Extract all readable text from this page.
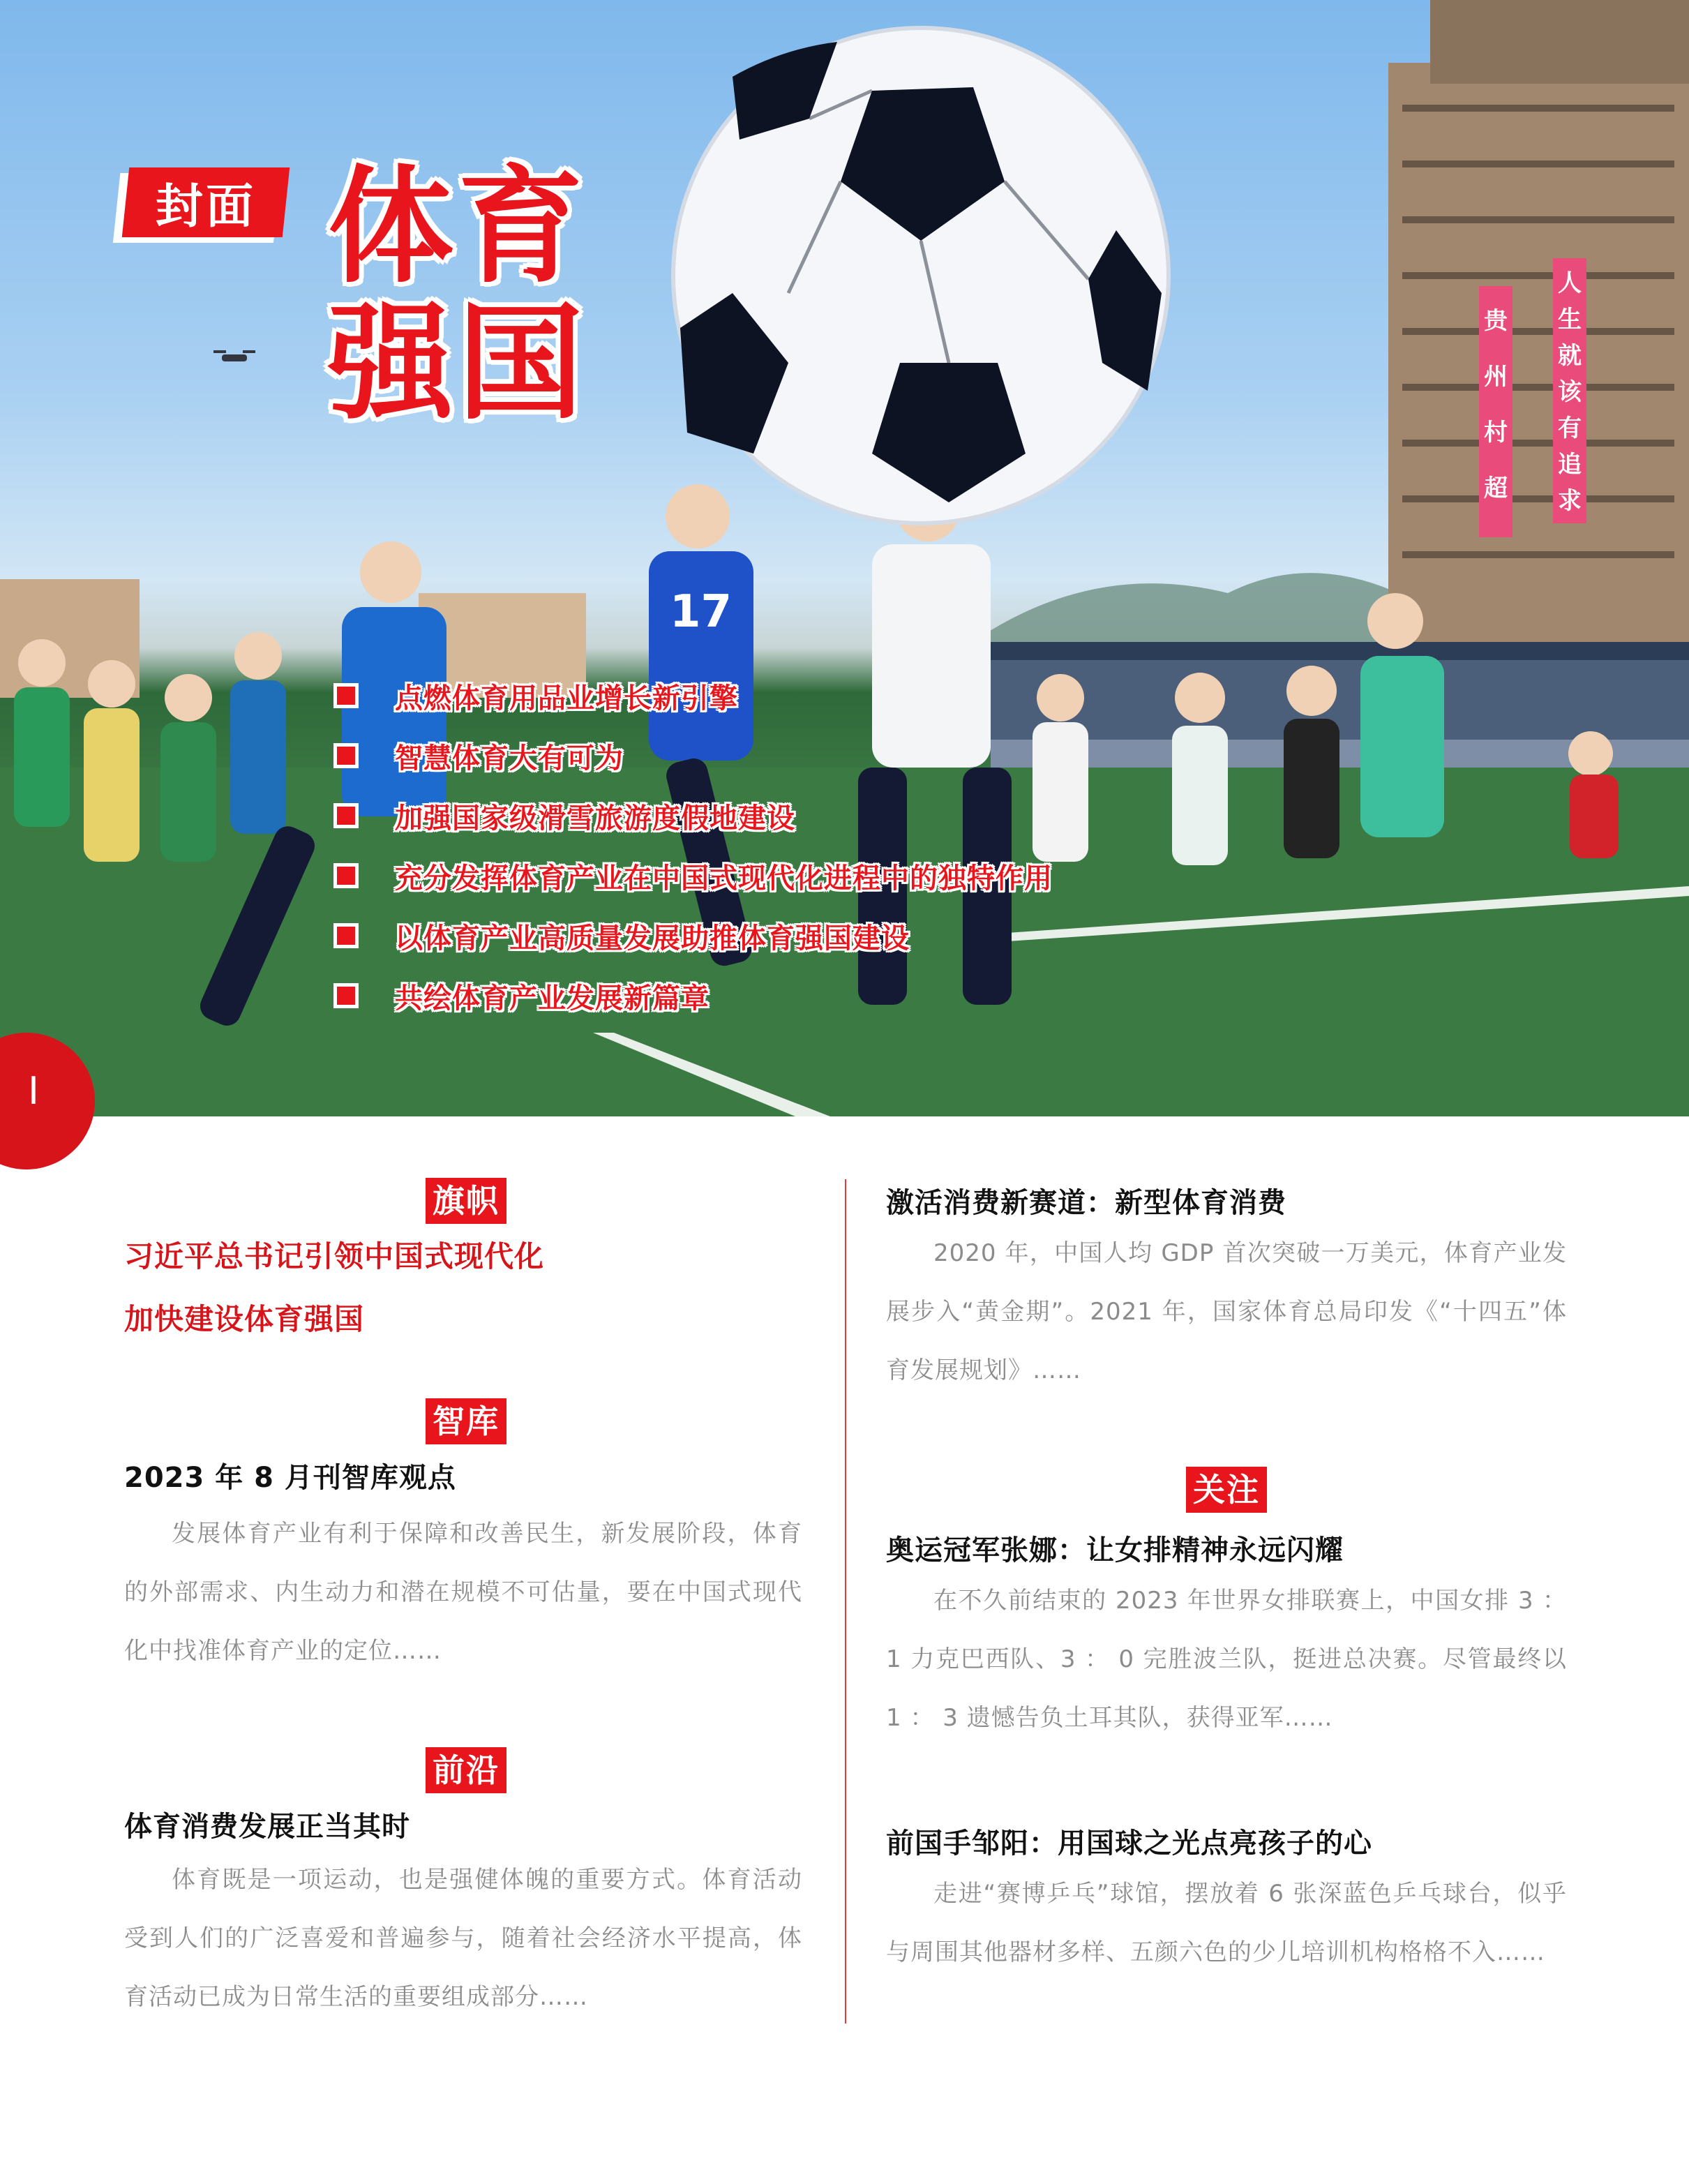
贵州村超
人生就该有追求
17
封面 体育
强国
点燃体育用品业增长新引擎
智慧体育大有可为
加强国家级滑雪旅游度假地建设
充分发挥体育产业在中国式现代化进程中的独特作用
以体育产业高质量发展助推体育强国建设
共绘体育产业发展新篇章
I
旗帜
习近平总书记引领中国式现代化
加快建设体育强国
智库
2023 年 8 月刊智库观点

发展体育产业有利于保障和改善民生，新发展阶段，体育的外部需求、内生动力和潜在规模不可估量，要在中国式现代化中找准体育产业的定位……

前沿
体育消费发展正当其时

体育既是一项运动，也是强健体魄的重要方式。体育活动受到人们的广泛喜爱和普遍参与，随着社会经济水平提高，体育活动已成为日常生活的重要组成部分……

激活消费新赛道：新型体育消费

2020 年，中国人均 GDP 首次突破一万美元，体育产业发展步入“黄金期”。2021 年，国家体育总局印发《“十四五”体育发展规划》……

关注
奥运冠军张娜：让女排精神永远闪耀

在不久前结束的 2023 年世界女排联赛上，中国女排 3 ： 1 力克巴西队、3 ： 0 完胜波兰队，挺进总决赛。尽管最终以 1 ： 3 遗憾告负土耳其队，获得亚军……

前国手邹阳：用国球之光点亮孩子的心

走进“赛博乒乓”球馆，摆放着 6 张深蓝色乒乓球台，似乎与周围其他器材多样、五颜六色的少儿培训机构格格不入……
